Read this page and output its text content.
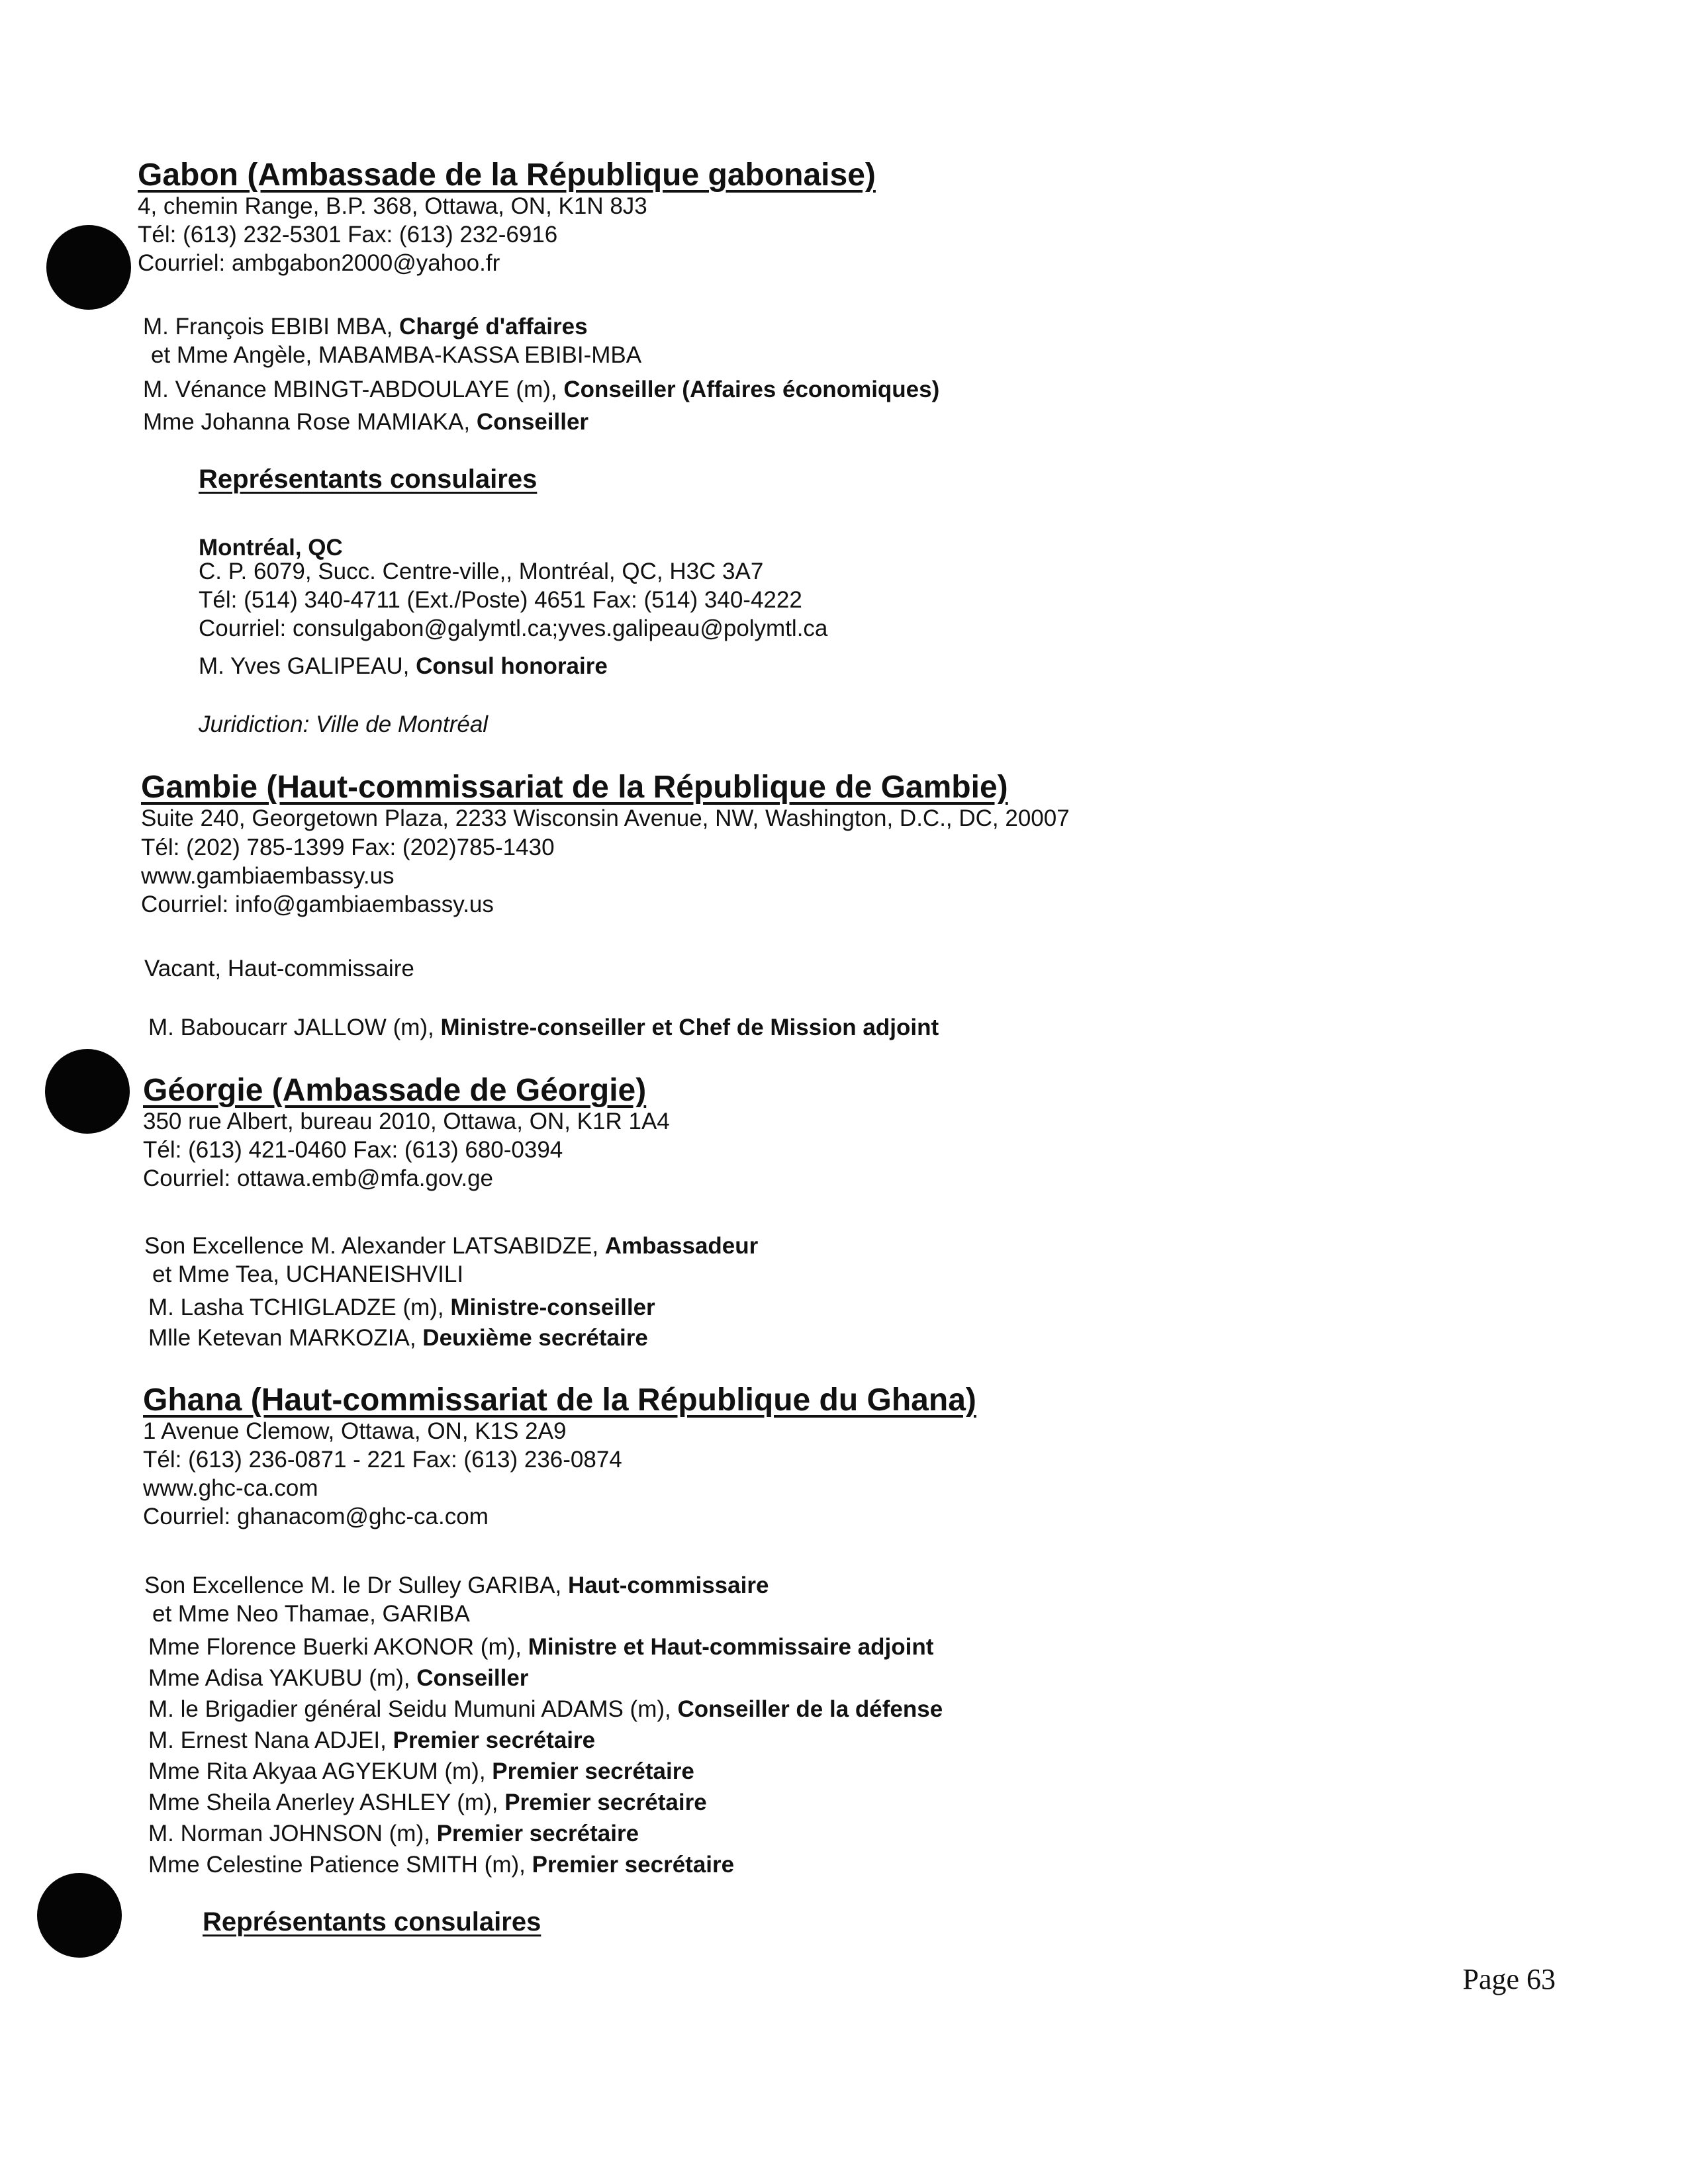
Gabon (Ambassade de la République gabonaise)

4, chemin Range, B.P. 368, Ottawa, ON, K1N 8J3

Tél: (613) 232-5301 Fax: (613) 232-6916

Courriel: ambgabon2000@yahoo.fr

M. François EBIBI MBA, Chargé d'affaires

et Mme Angèle, MABAMBA-KASSA EBIBI-MBA

M. Vénance MBINGT-ABDOULAYE (m), Conseiller (Affaires économiques)

Mme Johanna Rose MAMIAKA, Conseiller

Représentants consulaires

Montréal, QC

C. P. 6079, Succ. Centre-ville,, Montréal, QC, H3C 3A7

Tél: (514) 340-4711 (Ext./Poste) 4651 Fax: (514) 340-4222

Courriel: consulgabon@galymtl.ca;yves.galipeau@polymtl.ca

M. Yves GALIPEAU, Consul honoraire

Juridiction: Ville de Montréal

Gambie (Haut-commissariat de la République de Gambie)

Suite 240, Georgetown Plaza, 2233 Wisconsin Avenue, NW, Washington, D.C., DC, 20007

Tél: (202) 785-1399 Fax: (202)785-1430

www.gambiaembassy.us

Courriel: info@gambiaembassy.us

Vacant, Haut-commissaire

M. Baboucarr JALLOW (m), Ministre-conseiller et Chef de Mission adjoint

Géorgie (Ambassade de Géorgie)

350 rue Albert, bureau 2010, Ottawa, ON, K1R 1A4

Tél: (613) 421-0460 Fax: (613) 680-0394

Courriel: ottawa.emb@mfa.gov.ge

Son Excellence M. Alexander LATSABIDZE, Ambassadeur

et Mme Tea, UCHANEISHVILI

M. Lasha TCHIGLADZE (m), Ministre-conseiller

Mlle Ketevan MARKOZIA, Deuxième secrétaire

Ghana (Haut-commissariat de la République du Ghana)

1 Avenue Clemow, Ottawa, ON, K1S 2A9

Tél: (613) 236-0871 - 221 Fax: (613) 236-0874

www.ghc-ca.com

Courriel: ghanacom@ghc-ca.com

Son Excellence M. le Dr Sulley GARIBA, Haut-commissaire

et Mme Neo Thamae, GARIBA

Mme Florence Buerki AKONOR (m), Ministre et Haut-commissaire adjoint

Mme Adisa YAKUBU (m), Conseiller

M. le Brigadier général Seidu Mumuni ADAMS (m), Conseiller de la défense

M. Ernest Nana ADJEI, Premier secrétaire

Mme Rita Akyaa AGYEKUM (m), Premier secrétaire

Mme Sheila Anerley ASHLEY (m), Premier secrétaire

M. Norman JOHNSON (m), Premier secrétaire

Mme Celestine Patience SMITH (m), Premier secrétaire

Représentants consulaires
Page 63
